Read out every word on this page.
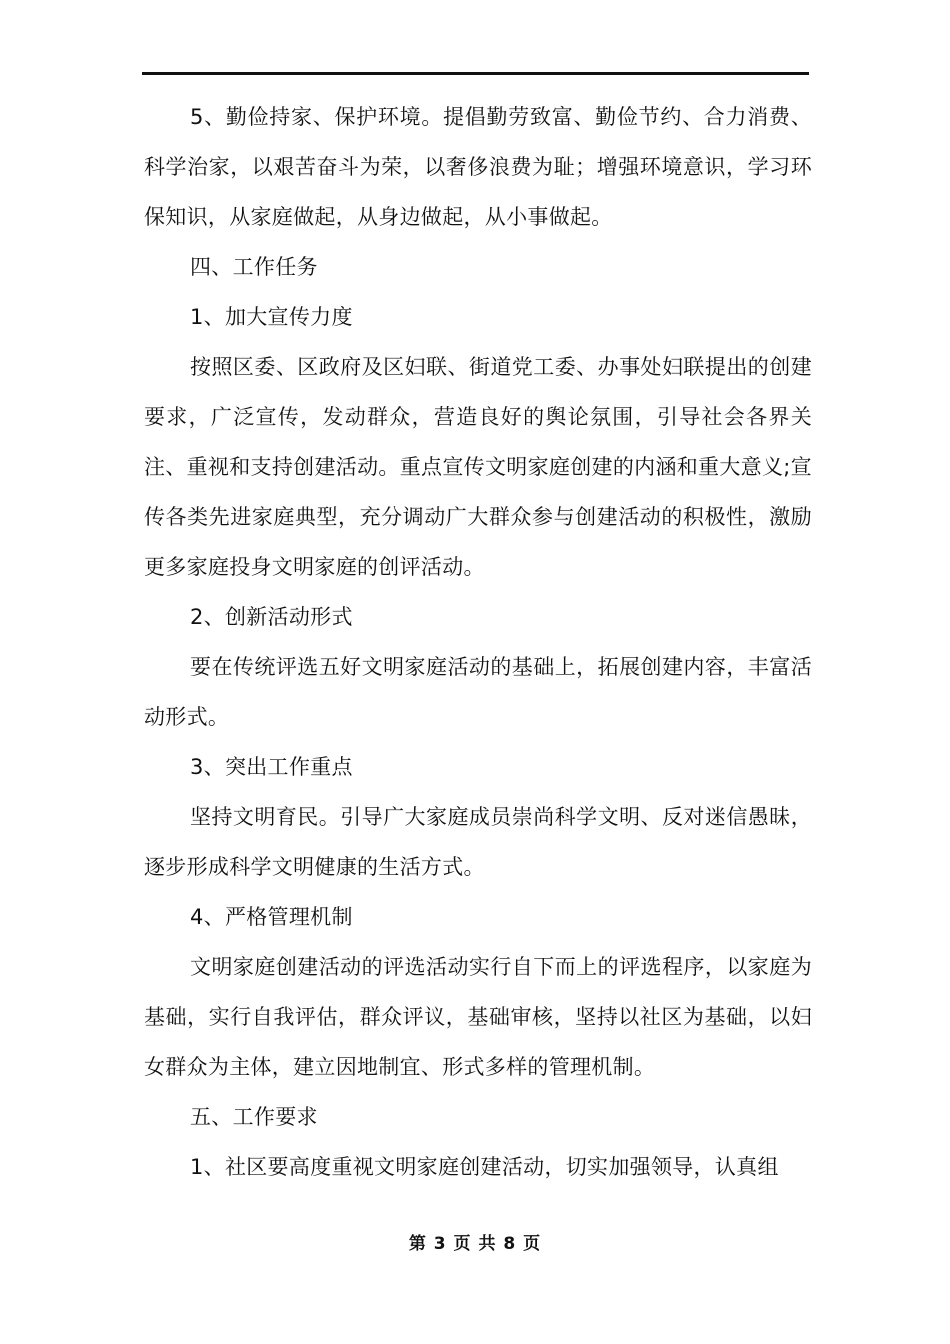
5、勤俭持家、保护环境。提倡勤劳致富、勤俭节约、合力消费、科学治家，以艰苦奋斗为荣，以奢侈浪费为耻；增强环境意识，学习环保知识，从家庭做起，从身边做起，从小事做起。

四、工作任务

1、加大宣传力度

按照区委、区政府及区妇联、街道党工委、办事处妇联提出的创建要求，广泛宣传，发动群众，营造良好的舆论氛围，引导社会各界关注、重视和支持创建活动。重点宣传文明家庭创建的内涵和重大意义;宣传各类先进家庭典型，充分调动广大群众参与创建活动的积极性，激励更多家庭投身文明家庭的创评活动。

2、创新活动形式

要在传统评选五好文明家庭活动的基础上，拓展创建内容，丰富活动形式。

3、突出工作重点

坚持文明育民。引导广大家庭成员崇尚科学文明、反对迷信愚昧，逐步形成科学文明健康的生活方式。

4、严格管理机制

文明家庭创建活动的评选活动实行自下而上的评选程序，以家庭为基础，实行自我评估，群众评议，基础审核，坚持以社区为基础，以妇女群众为主体，建立因地制宜、形式多样的管理机制。

五、工作要求

1、社区要高度重视文明家庭创建活动，切实加强领导，认真组

第 3 页 共 8 页
